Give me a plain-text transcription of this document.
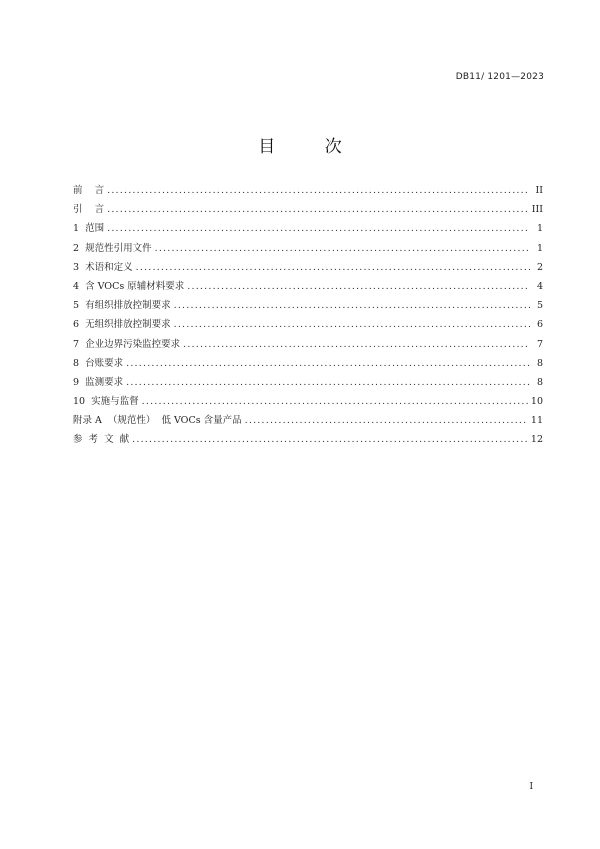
DB11/ 1201—2023
目 次
前    言 .....	II
引    言 .....	III
1  范围 .....	1
2  规范性引用文件 .....	1
3  术语和定义 .....	2
4  含 VOCs 原辅材料要求 .....	4
5  有组织排放控制要求 .....	5
6  无组织排放控制要求 .....	6
7  企业边界污染监控要求 .....	7
8  台账要求 .....	8
9  监测要求 .....	8
10  实施与监督 .....	10
附录 A  （规范性）  低 VOCs 含量产品 .....	11
参  考  文  献 .....	12
I
